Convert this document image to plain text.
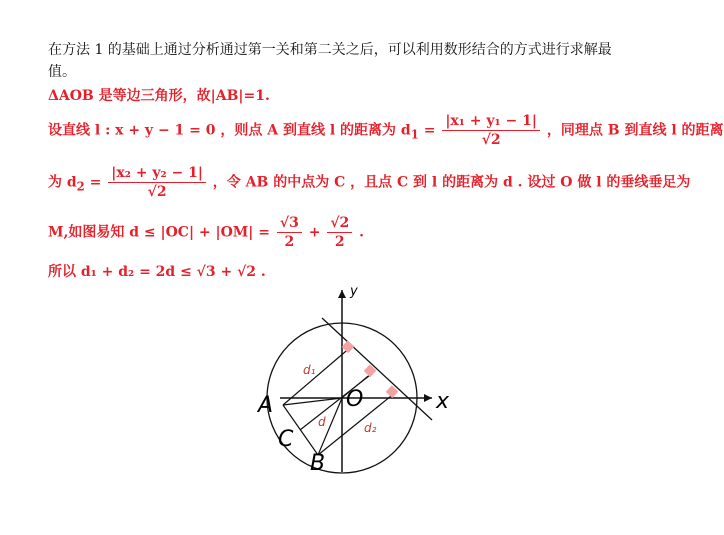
在方法 1 的基础上通过分析通过第一关和第二关之后，可以利用数形结合的方式进行求解最
值。
ΔAOB 是等边三角形，故|AB|=1.
设直线 l : x + y − 1 = 0 ，则点 A 到直线 l 的距离为 $d_1 = \frac{\text{|x₁ + y₁ − 1|}}{√2}$ ，同理点 B 到直线 l 的距离
为 $d_2 = \frac{\text{|x₂ + y₂ − 1|}}{√2}$ ，令 AB 的中点为 C ，且点 C 到 l 的距离为 d . 设过 O 做 l 的垂线垂足为
M,如图易知 $d \le |OC| + |OM| = \frac{√3}{2} + \frac{√2}{2}$ .
所以 d₁ + d₂ = 2d ≤ √3 + √2 .
y
x
A	O
C
B
d₁
d	d₂
